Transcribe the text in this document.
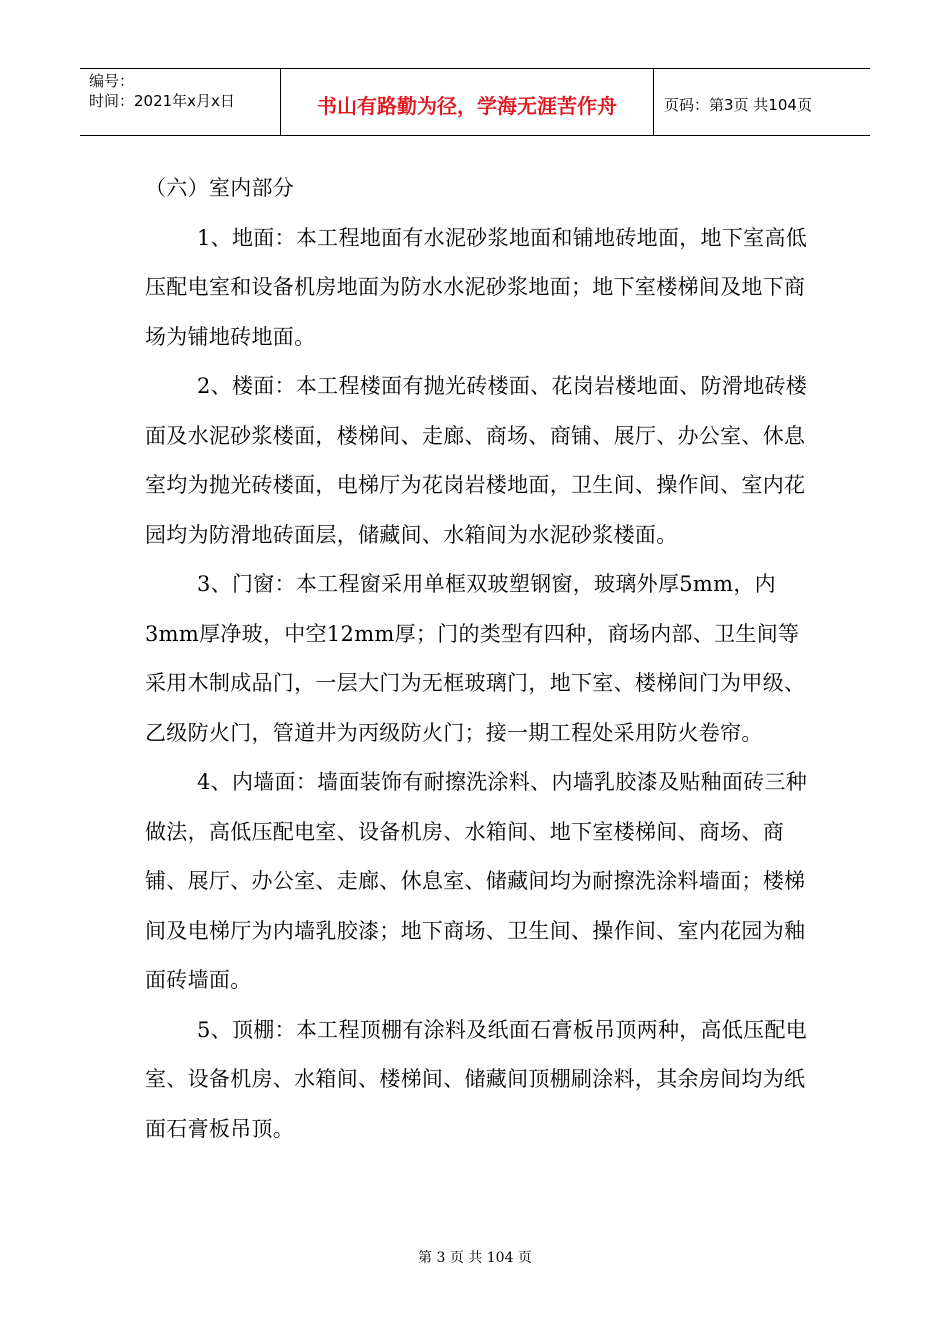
编号：
时间：2021年x月x日	书山有路勤为径，学海无涯苦作舟	页码：第3页 共104页

（六）室内部分

1、地面：本工程地面有水泥砂浆地面和铺地砖地面，地下室高低压配电室和设备机房地面为防水水泥砂浆地面；地下室楼梯间及地下商场为铺地砖地面。

2、楼面：本工程楼面有抛光砖楼面、花岗岩楼地面、防滑地砖楼面及水泥砂浆楼面，楼梯间、走廊、商场、商铺、展厅、办公室、休息室均为抛光砖楼面，电梯厅为花岗岩楼地面，卫生间、操作间、室内花园均为防滑地砖面层，储藏间、水箱间为水泥砂浆楼面。

3、门窗：本工程窗采用单框双玻塑钢窗，玻璃外厚5mm，内3mm厚净玻，中空12mm厚；门的类型有四种，商场内部、卫生间等采用木制成品门，一层大门为无框玻璃门，地下室、楼梯间门为甲级、乙级防火门，管道井为丙级防火门；接一期工程处采用防火卷帘。

4、内墙面：墙面装饰有耐擦洗涂料、内墙乳胶漆及贴釉面砖三种做法，高低压配电室、设备机房、水箱间、地下室楼梯间、商场、商铺、展厅、办公室、走廊、休息室、储藏间均为耐擦洗涂料墙面；楼梯间及电梯厅为内墙乳胶漆；地下商场、卫生间、操作间、室内花园为釉面砖墙面。

5、顶棚：本工程顶棚有涂料及纸面石膏板吊顶两种，高低压配电室、设备机房、水箱间、楼梯间、储藏间顶棚刷涂料，其余房间均为纸面石膏板吊顶。

第 3 页 共 104 页
